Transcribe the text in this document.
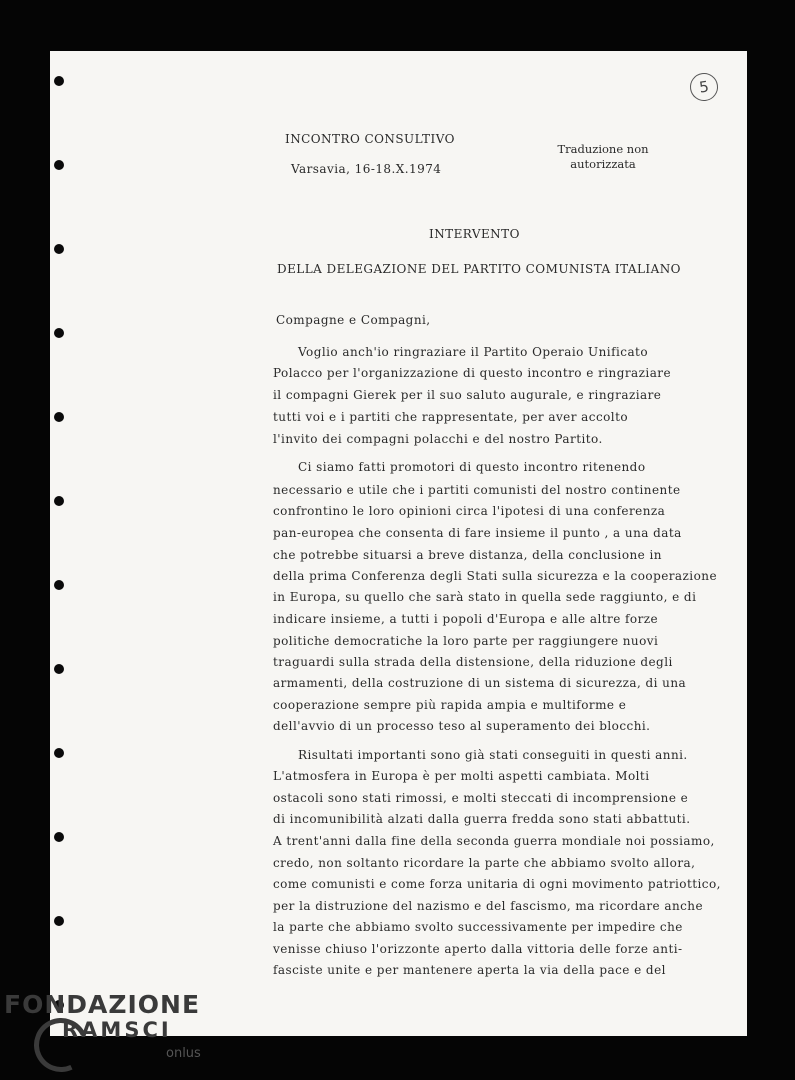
5
INCONTRO CONSULTIVO
Varsavia, 16-18.X.1974
Traduzione non
autorizzata
INTERVENTO
DELLA DELEGAZIONE DEL PARTITO COMUNISTA ITALIANO
Compagne e Compagni,
Voglio anch'io ringraziare il Partito Operaio Unificato
Polacco per l'organizzazione di questo incontro e ringraziare
il compagni Gierek per il suo saluto augurale, e ringraziare
tutti voi e i partiti che rappresentate, per aver accolto
l'invito dei compagni polacchi e del nostro Partito.
Ci siamo fatti promotori di questo incontro ritenendo
necessario e utile che i partiti comunisti del nostro continente
confrontino le loro opinioni circa l'ipotesi di una conferenza
pan-europea che consenta di fare insieme il punto , a una data
che potrebbe situarsi a breve distanza, della conclusione in
della prima Conferenza degli Stati sulla sicurezza e la cooperazione
in Europa, su quello che sarà stato in quella sede raggiunto, e di
indicare insieme, a tutti i popoli d'Europa e alle altre forze
politiche democratiche la loro parte per raggiungere nuovi
traguardi sulla strada della distensione, della riduzione degli
armamenti, della costruzione di un sistema di sicurezza, di una
cooperazione sempre più rapida ampia e multiforme e
dell'avvio di un processo teso al superamento dei blocchi.
Risultati importanti sono già stati conseguiti in questi anni.
L'atmosfera in Europa è per molti aspetti cambiata. Molti
ostacoli sono stati rimossi, e molti steccati di incomprensione e
di incomunibilità alzati dalla guerra fredda sono stati abbattuti.
A trent'anni dalla fine della seconda guerra mondiale noi possiamo,
credo, non soltanto ricordare la parte che abbiamo svolto allora,
come comunisti e come forza unitaria di ogni movimento patriottico,
per la distruzione del nazismo e del fascismo, ma ricordare anche
la parte che abbiamo svolto successivamente per impedire che
venisse chiuso l'orizzonte aperto dalla vittoria delle forze anti-
fasciste unite e per mantenere aperta la via della pace e del
FONDAZIONE
RAMSCI
onlus
